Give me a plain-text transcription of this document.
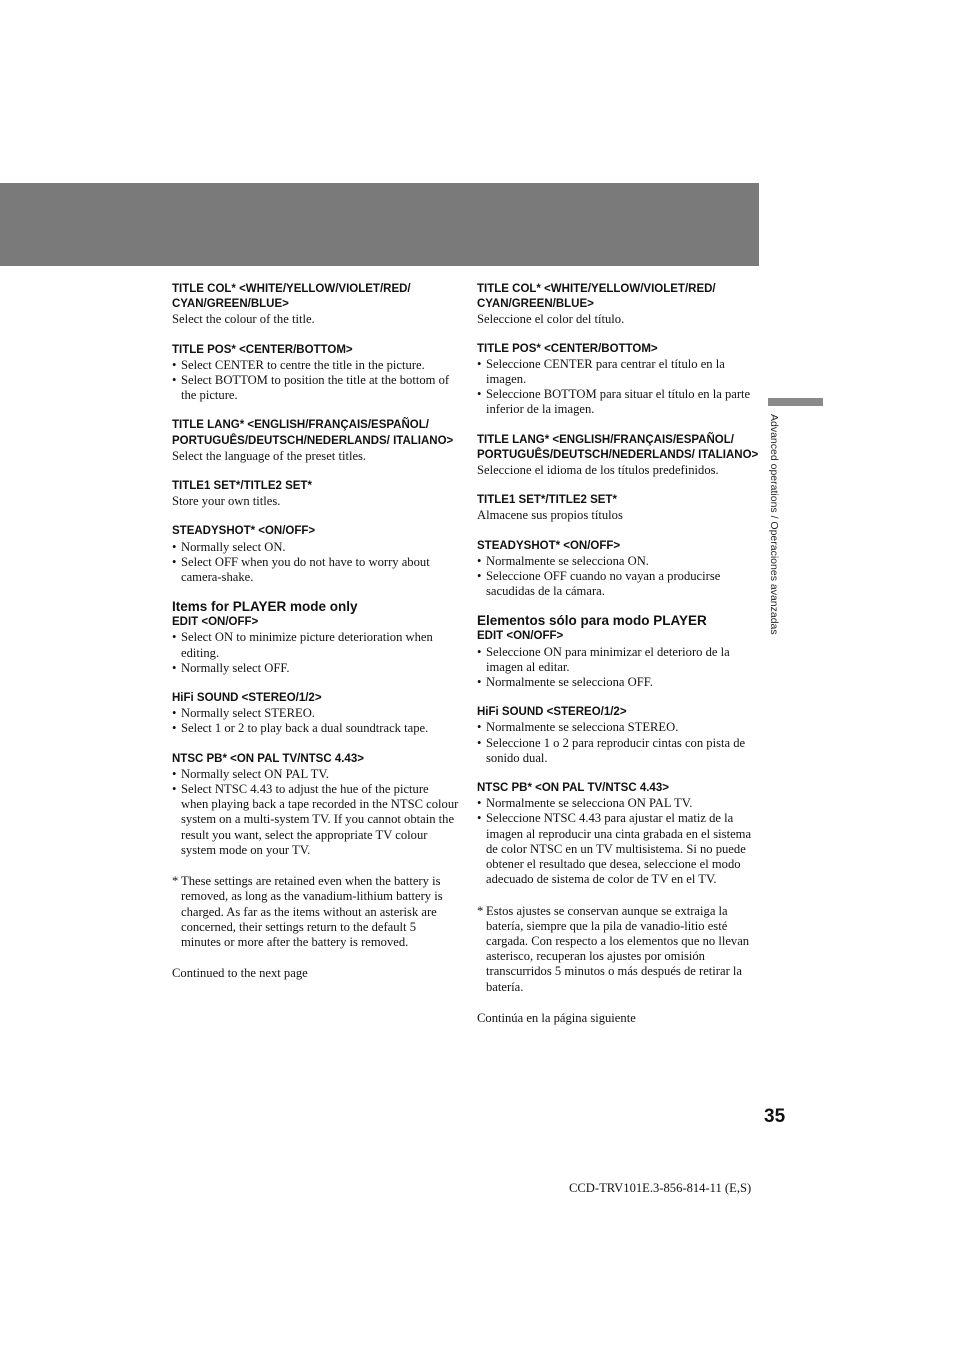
TITLE COL* <WHITE/YELLOW/VIOLET/RED/ CYAN/GREEN/BLUE>

Select the colour of the title.

TITLE POS* <CENTER/BOTTOM>

• Select CENTER to centre the title in the picture.
• Select BOTTOM to position the title at the bottom of the picture.

TITLE LANG* <ENGLISH/FRANÇAIS/ESPAÑOL/ PORTUGUÊS/DEUTSCH/NEDERLANDS/ ITALIANO>

Select the language of the preset titles.

TITLE1 SET*/TITLE2 SET*

Store your own titles.

STEADYSHOT* <ON/OFF>

• Normally select ON.
• Select OFF when you do not have to worry about camera-shake.

Items for PLAYER mode only

EDIT <ON/OFF>

• Select ON to minimize picture deterioration when editing.
• Normally select OFF.

HiFi SOUND <STEREO/1/2>

• Normally select STEREO.
• Select 1 or 2 to play back a dual soundtrack tape.

NTSC PB* <ON PAL TV/NTSC 4.43>

• Normally select ON PAL TV.
• Select NTSC 4.43 to adjust the hue of the picture when playing back a tape recorded in the NTSC colour system on a multi-system TV. If you cannot obtain the result you want, select the appropriate TV colour system mode on your TV.

* These settings are retained even when the battery is removed, as long as the vanadium-lithium battery is charged. As far as the items without an asterisk are concerned, their settings return to the default 5 minutes or more after the battery is removed.

Continued to the next page

TITLE COL* <WHITE/YELLOW/VIOLET/RED/ CYAN/GREEN/BLUE>

Seleccione el color del título.

TITLE POS* <CENTER/BOTTOM>

• Seleccione CENTER para centrar el título en la imagen.
• Seleccione BOTTOM para situar el título en la parte inferior de la imagen.

TITLE LANG* <ENGLISH/FRANÇAIS/ESPAÑOL/ PORTUGUÊS/DEUTSCH/NEDERLANDS/ ITALIANO>

Seleccione el idioma de los títulos predefinidos.

TITLE1 SET*/TITLE2 SET*

Almacene sus propios títulos

STEADYSHOT* <ON/OFF>

• Normalmente se selecciona ON.
• Seleccione OFF cuando no vayan a producirse sacudidas de la cámara.

Elementos sólo para modo PLAYER

EDIT <ON/OFF>

• Seleccione ON para minimizar el deterioro de la imagen al editar.
• Normalmente se selecciona OFF.

HiFi SOUND <STEREO/1/2>

• Normalmente se selecciona STEREO.
• Seleccione 1 o 2 para reproducir cintas con pista de sonido dual.

NTSC PB* <ON PAL TV/NTSC 4.43>

• Normalmente se selecciona ON PAL TV.
• Seleccione NTSC 4.43 para ajustar el matiz de la imagen al reproducir una cinta grabada en el sistema de color NTSC en un TV multisistema. Si no puede obtener el resultado que desea, seleccione el modo adecuado de sistema de color de TV en el TV.

* Estos ajustes se conservan aunque se extraiga la batería, siempre que la pila de vanadio-litio esté cargada. Con respecto a los elementos que no llevan asterisco, recuperan los ajustes por omisión transcurridos 5 minutos o más después de retirar la batería.

Continúa en la página siguiente

Advanced operations / Operaciones avanzadas
35
CCD-TRV101E.3-856-814-11 (E,S)
